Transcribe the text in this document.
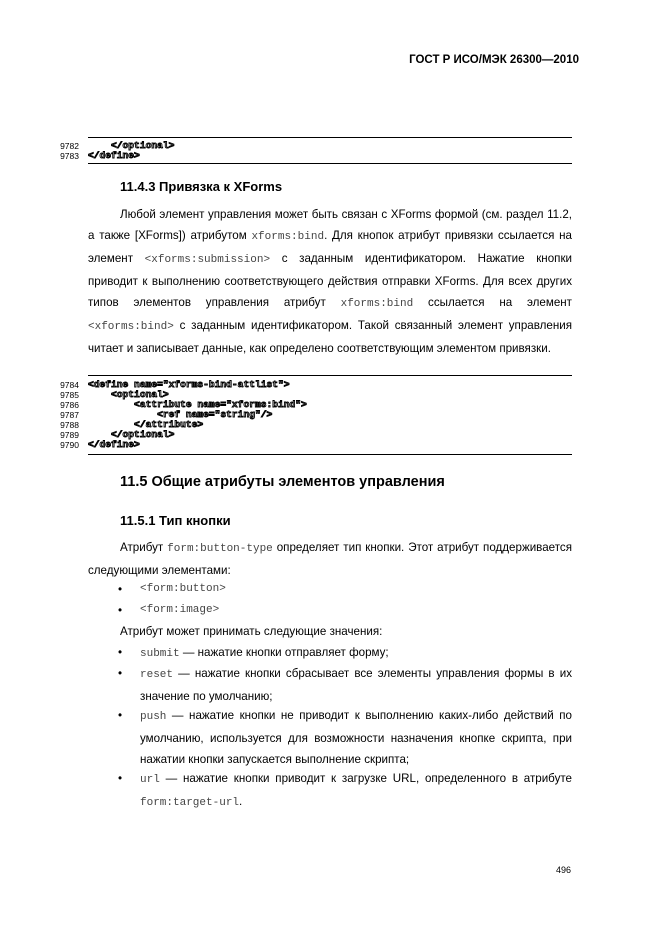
ГОСТ Р ИСО/МЭК 26300—2010
9782
9783
</optional>
</define>
11.4.3 Привязка к XForms
Любой элемент управления может быть связан с XForms формой (см. раздел 11.2, а также [XForms]) атрибутом xforms:bind. Для кнопок атрибут привязки ссылается на элемент <xforms:submission> с заданным идентификатором. Нажатие кнопки приводит к выполнению соответствующего действия отправки XForms. Для всех других типов элементов управления атрибут xforms:bind ссылается на элемент <xforms:bind> с заданным идентификатором. Такой связанный элемент управления читает и записывает данные, как определено соответствующим элементом привязки.
9784
9785
9786
9787
9788
9789
9790
<define name="xforms-bind-attlist">
<optional>
<attribute name="xforms:bind">
<ref name="string"/>
</attribute>
</optional>
</define>
11.5 Общие атрибуты элементов управления
11.5.1 Тип кнопки
Атрибут form:button-type определяет тип кнопки. Этот атрибут поддерживается следующими элементами:
• <form:button>
• <form:image>
Атрибут может принимать следующие значения:
• submit — нажатие кнопки отправляет форму;
• reset — нажатие кнопки сбрасывает все элементы управления формы в их значение по умолчанию;
• push — нажатие кнопки не приводит к выполнению каких-либо действий по умолчанию, используется для возможности назначения кнопке скрипта, при нажатии кнопки запускается выполнение скрипта;
• url — нажатие кнопки приводит к загрузке URL, определенного в атрибуте form:target-url.
496
